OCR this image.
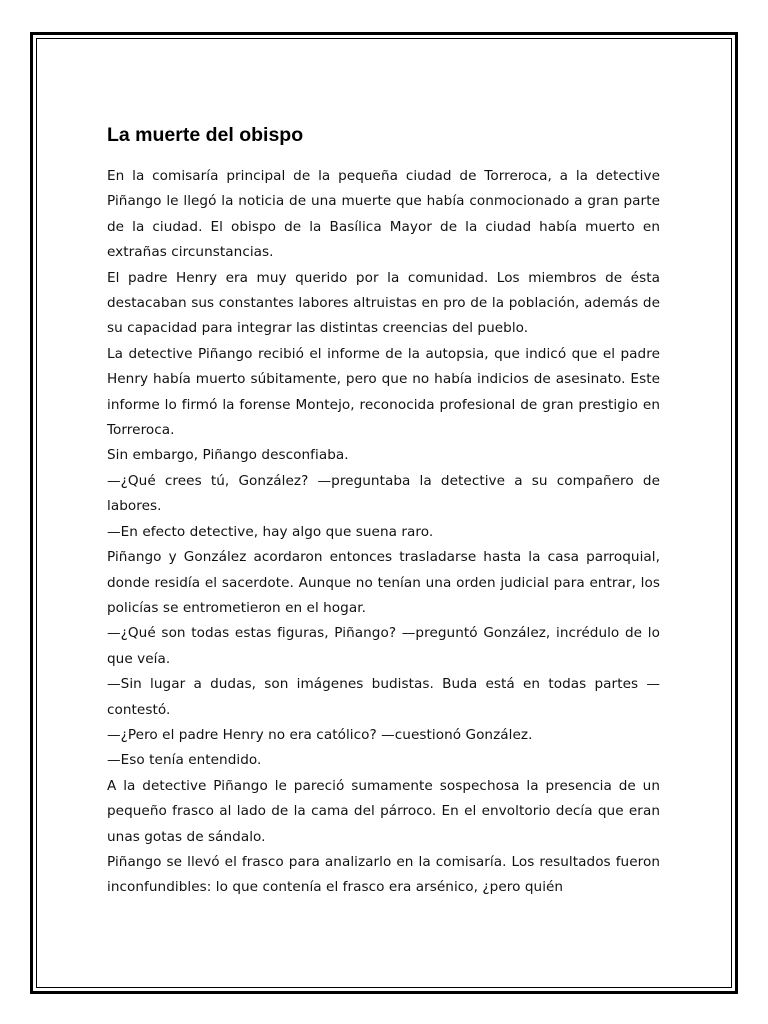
La muerte del obispo

En la comisaría principal de la pequeña ciudad de Torreroca, a la detective Piñango le llegó la noticia de una muerte que había conmocionado a gran parte de la ciudad. El obispo de la Basílica Mayor de la ciudad había muerto en extrañas circunstancias.

El padre Henry era muy querido por la comunidad. Los miembros de ésta destacaban sus constantes labores altruistas en pro de la población, además de su capacidad para integrar las distintas creencias del pueblo.

La detective Piñango recibió el informe de la autopsia, que indicó que el padre Henry había muerto súbitamente, pero que no había indicios de asesinato. Este informe lo firmó la forense Montejo, reconocida profesional de gran prestigio en Torreroca.

Sin embargo, Piñango desconfiaba.

—¿Qué crees tú, González? —preguntaba la detective a su compañero de labores.

—En efecto detective, hay algo que suena raro.

Piñango y González acordaron entonces trasladarse hasta la casa parroquial, donde residía el sacerdote. Aunque no tenían una orden judicial para entrar, los policías se entrometieron en el hogar.

—¿Qué son todas estas figuras, Piñango? —preguntó González, incrédulo de lo que veía.

—Sin lugar a dudas, son imágenes budistas. Buda está en todas partes —contestó.

—¿Pero el padre Henry no era católico? —cuestionó González.

—Eso tenía entendido.

A la detective Piñango le pareció sumamente sospechosa la presencia de un pequeño frasco al lado de la cama del párroco. En el envoltorio decía que eran unas gotas de sándalo.

Piñango se llevó el frasco para analizarlo en la comisaría. Los resultados fueron inconfundibles: lo que contenía el frasco era arsénico, ¿pero quién
